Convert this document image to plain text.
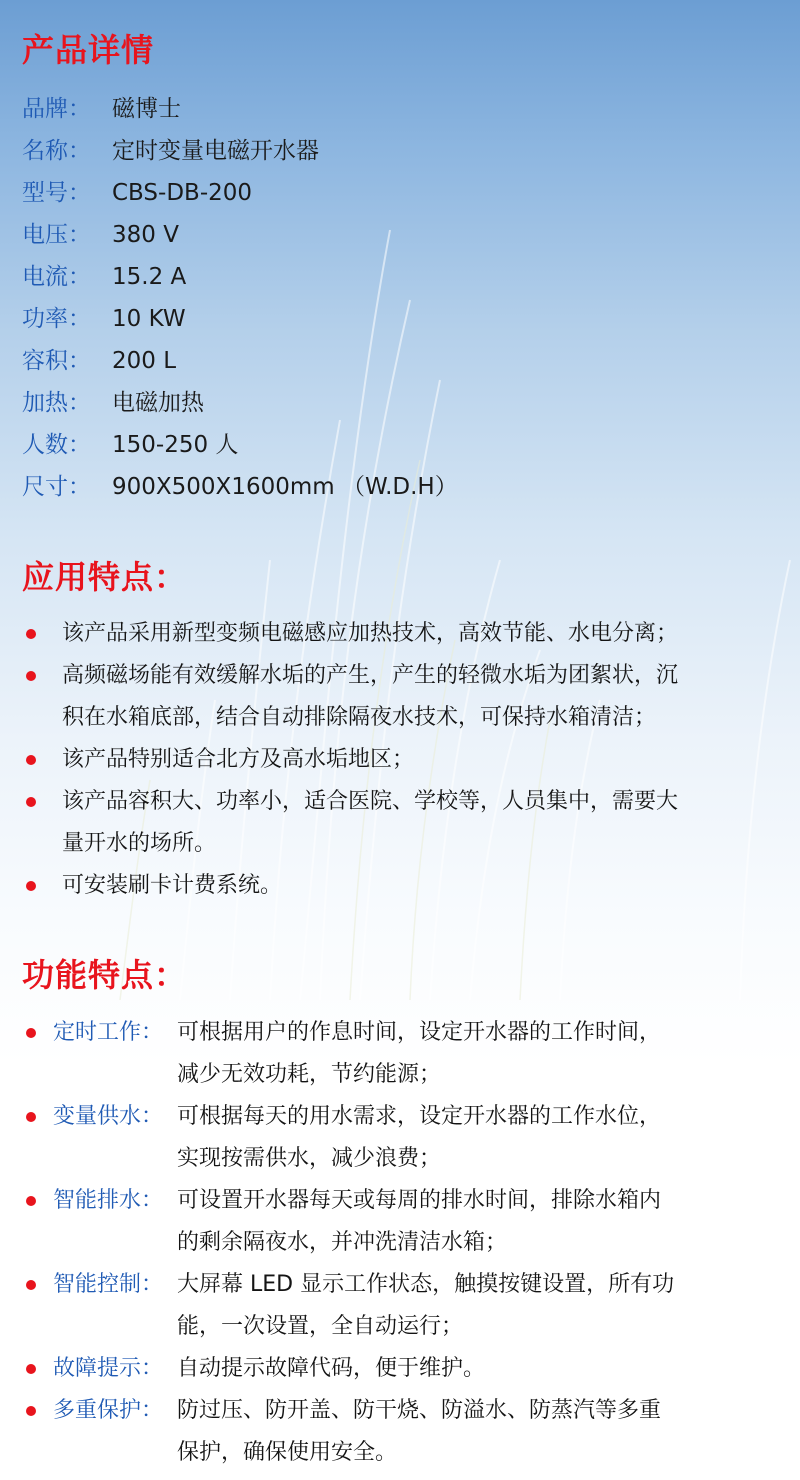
产品详情
品牌： 磁博士
名称： 定时变量电磁开水器
型号： CBS-DB-200
电压： 380 V
电流： 15.2 A
功率： 10 KW
容积： 200 L
加热： 电磁加热
人数： 150-250 人
尺寸： 900X500X1600mm （W.D.H）
应用特点：
该产品采用新型变频电磁感应加热技术，高效节能、水电分离；
高频磁场能有效缓解水垢的产生，产生的轻微水垢为团絮状，沉
积在水箱底部，结合自动排除隔夜水技术，可保持水箱清洁；
该产品特别适合北方及高水垢地区；
该产品容积大、功率小，适合医院、学校等，人员集中，需要大
量开水的场所。
可安装刷卡计费系统。
功能特点：
定时工作： 可根据用户的作息时间，设定开水器的工作时间，
减少无效功耗，节约能源；
变量供水： 可根据每天的用水需求，设定开水器的工作水位，
实现按需供水，减少浪费；
智能排水： 可设置开水器每天或每周的排水时间，排除水箱内
的剩余隔夜水，并冲洗清洁水箱；
智能控制： 大屏幕 LED 显示工作状态，触摸按键设置，所有功
能，一次设置，全自动运行；
故障提示： 自动提示故障代码，便于维护。
多重保护： 防过压、防开盖、防干烧、防溢水、防蒸汽等多重
保护，确保使用安全。
